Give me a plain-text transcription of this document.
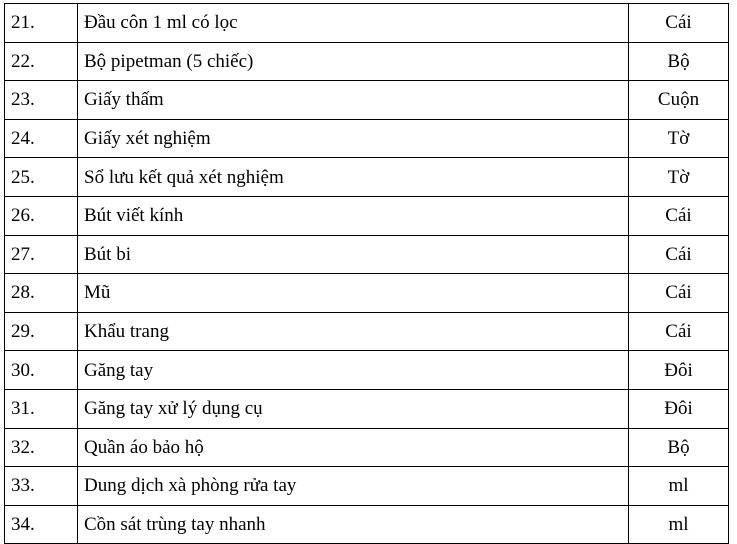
21.	Đầu côn 1 ml có lọc	Cái
22.	Bộ pipetman (5 chiếc)	Bộ
23.	Giấy thấm	Cuộn
24.	Giấy xét nghiệm	Tờ
25.	Sổ lưu kết quả xét nghiệm	Tờ
26.	Bút viết kính	Cái
27.	Bút bi	Cái
28.	Mũ	Cái
29.	Khẩu trang	Cái
30.	Găng tay	Đôi
31.	Găng tay xử lý dụng cụ	Đôi
32.	Quần áo bảo hộ	Bộ
33.	Dung dịch xà phòng rửa tay	ml
34.	Cồn sát trùng tay nhanh	ml
